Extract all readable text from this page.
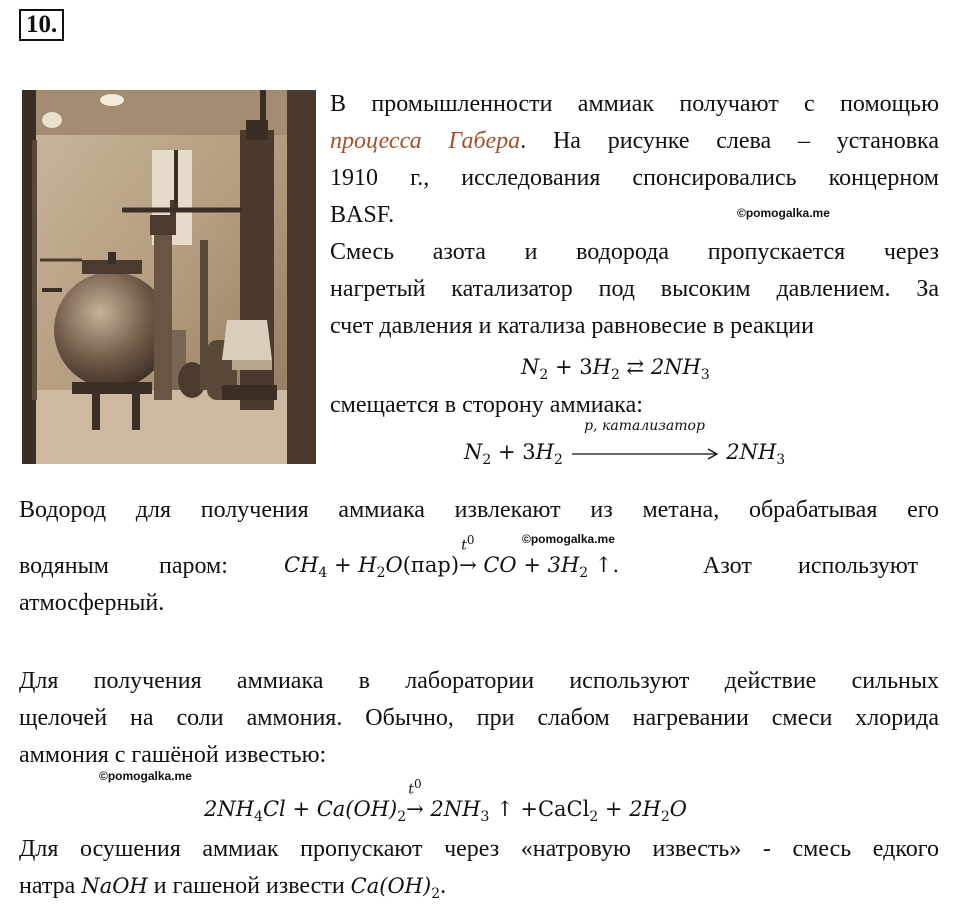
10.
В промышленности аммиак получают с помощью
процесса Габера. На рисунке слева – установка
1910 г., исследования спонсировались концерном
BASF.
Смесь азота и водорода пропускается через
нагретый катализатор под высоким давлением. За
счет давления и катализа равновесие в реакции
©pomogalka.me
$N_2 + 3H_2$ ⇄ $2NH_3$
смещается в сторону аммиака:
$N_2 + 3H_2$
p, катализатор
$2NH_3$
Водород для получения аммиака извлекают из метана, обрабатывая его
©pomogalka.me
водяным паром:	Азот используют
$CH_4 + H_2O(пар)$
$t^0$
→ CO + $3H_2$ ↑.
атмосферный.
Для получения аммиака в лаборатории используют действие сильных
щелочей на соли аммония. Обычно, при слабом нагревании смеси хлорида
аммония с гашёной известью:
©pomogalka.me
$2NH_4Cl + Ca(OH)_2$
$t^0$
→ $2NH_3$ ↑ +CaCl$_2$ + $2H_2O$
Для осушения аммиак пропускают через «натровую известь» - смесь едкого
натра NaOH и гашеной извести $Ca(OH)_2$.
